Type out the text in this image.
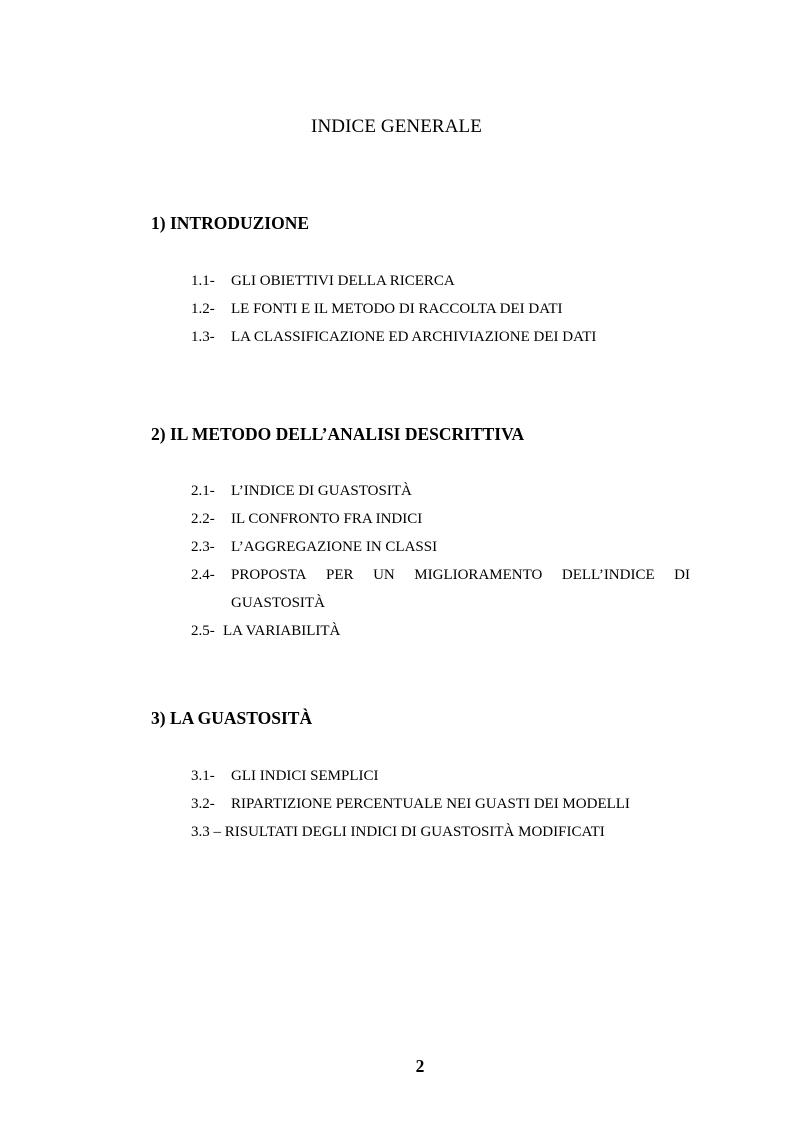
INDICE GENERALE
1) INTRODUZIONE
1.1- GLI OBIETTIVI DELLA RICERCA
1.2- LE FONTI E IL METODO DI RACCOLTA DEI DATI
1.3- LA CLASSIFICAZIONE ED ARCHIVIAZIONE DEI DATI
2) IL METODO DELL’ANALISI DESCRITTIVA
2.1- L’INDICE DI GUASTOSITÀ
2.2- IL CONFRONTO FRA INDICI
2.3- L’AGGREGAZIONE IN CLASSI
2.4-	PROPOSTA PER UN MIGLIORAMENTO DELL’INDICE DI
GUASTOSITÀ
2.5- LA VARIABILITÀ
3) LA GUASTOSITÀ
3.1- GLI INDICI SEMPLICI
3.2- RIPARTIZIONE PERCENTUALE NEI GUASTI DEI MODELLI
3.3 – RISULTATI DEGLI INDICI DI GUASTOSITÀ MODIFICATI
2
